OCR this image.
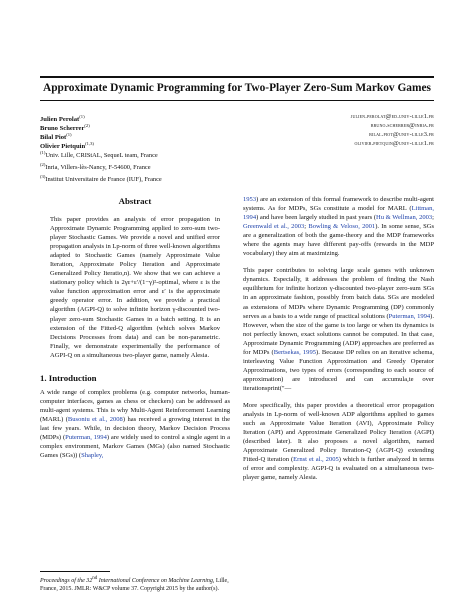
Approximate Dynamic Programming for Two-Player Zero-Sum Markov Games
Julien Perolat$^{(1)}$	julien.perolat@ed.univ-lille1.fr
Bruno Scherrer$^{(2)}$	bruno.scherrer@inria.fr
Bilal Piot$^{(1)}$	bilal.piot@univ-lille3.fr
Olivier Pietquin$^{(1,3)}$	olivier.pietquin@univ-lille1.fr
$^{(1)}$Univ. Lille, CRIStAL, SequeL team, France
$^{(2)}$Inria, Villers-lès-Nancy, F-54600, France
$^{(3)}$Institut Universitaire de France (IUF), France
Abstract

This paper provides an analysis of error propagation in Approximate Dynamic Programming applied to zero-sum two-player Stochastic Games. We provide a novel and unified error propagation analysis in Lp-norm of three well-known algorithms adapted to Stochastic Games (namely Approximate Value Iteration, Approximate Policy Iteration and Approximate Generalized Policy Iteratio,n). We show that we can achieve a stationary policy which is 2γε+ε′/(1−γ)²-optimal, where ε is the value function approximation error and ε′ is the approximate greedy operator error. In addition, we provide a practical algorithm (AGPI-Q) to solve infinite horizon γ-discounted two-player zero-sum Stochastic Games in a batch setting. It is an extension of the Fitted-Q algorithm (which solves Markov Decisions Processes from data) and can be non-parametric. Finally, we demonstrate experimentally the performance of AGPI-Q on a simultaneous two-player game, namely Alesia.

1. Introduction

A wide range of complex problems (e.g. computer networks, human-computer interfaces, games as chess or checkers) can be addressed as multi-agent systems. This is why Multi-Agent Reinforcement Learning (MARL) (Busoniu et al., 2008) has received a growing interest in the last few years. While, in decision theory, Markov Decision Process (MDPs) (Puterman, 1994) are widely used to control a single agent in a complex environment, Markov Games (MGs) (also named Stochastic Games (SGs)) (Shapley,

1953) are an extension of this formal framework to describe multi-agent systems. As for MDPs, SGs constitute a model for MARL (Littman, 1994) and have been largely studied in past years (Hu & Wellman, 2003; Greenwald et al., 2003; Bowling & Veloso, 2001). In some sense, SGs are a generalization of both the game-theory and the MDP frameworks where the agents may have different pay-offs (rewards in the MDP vocabulary) they aim at maximizing.

This paper contributes to solving large scale games with unknown dynamics. Especially, it addresses the problem of finding the Nash equilibrium for infinite horizon γ-discounted two-player zero-sum SGs in an approximate fashion, possibly from batch data. SGs are modeled as extensions of MDPs where Dynamic Programming (DP) commonly serves as a basis to a wide range of practical solutions (Puterman, 1994). However, when the size of the game is too large or when its dynamics is not perfectly known, exact solutions cannot be computed. In that case, Approximate Dynamic Programming (ADP) approaches are preferred as for MDPs (Bertsekas, 1995). Because DP relies on an iterative schema, interleaving Value Function Approximation and Greedy Operator Approximations, two types of errors (corresponding to each source of approximation) are introduced and can accumula,te over iterationsprint("—

More specifically, this paper provides a theoretical error propagation analysis in Lp-norm of well-known ADP algorithms applied to games such as Approximate Value Iteration (AVI), Approximate Policy Iteration (API) and Approximate Generalized Policy Iteration (AGPI) (described later). It also proposes a novel algorithm, named Approximate Generalized Policy Iteration-Q (AGPI-Q) extending Fitted-Q iteration (Ernst et al., 2005) which is further analyzed in terms of error and complexity. AGPI-Q is evaluated on a simultaneous two-player game, namely Alesia.

Proceedings of the 32nd International Conference on Machine Learning, Lille, France, 2015. JMLR: W&CP volume 37. Copyright 2015 by the author(s).
